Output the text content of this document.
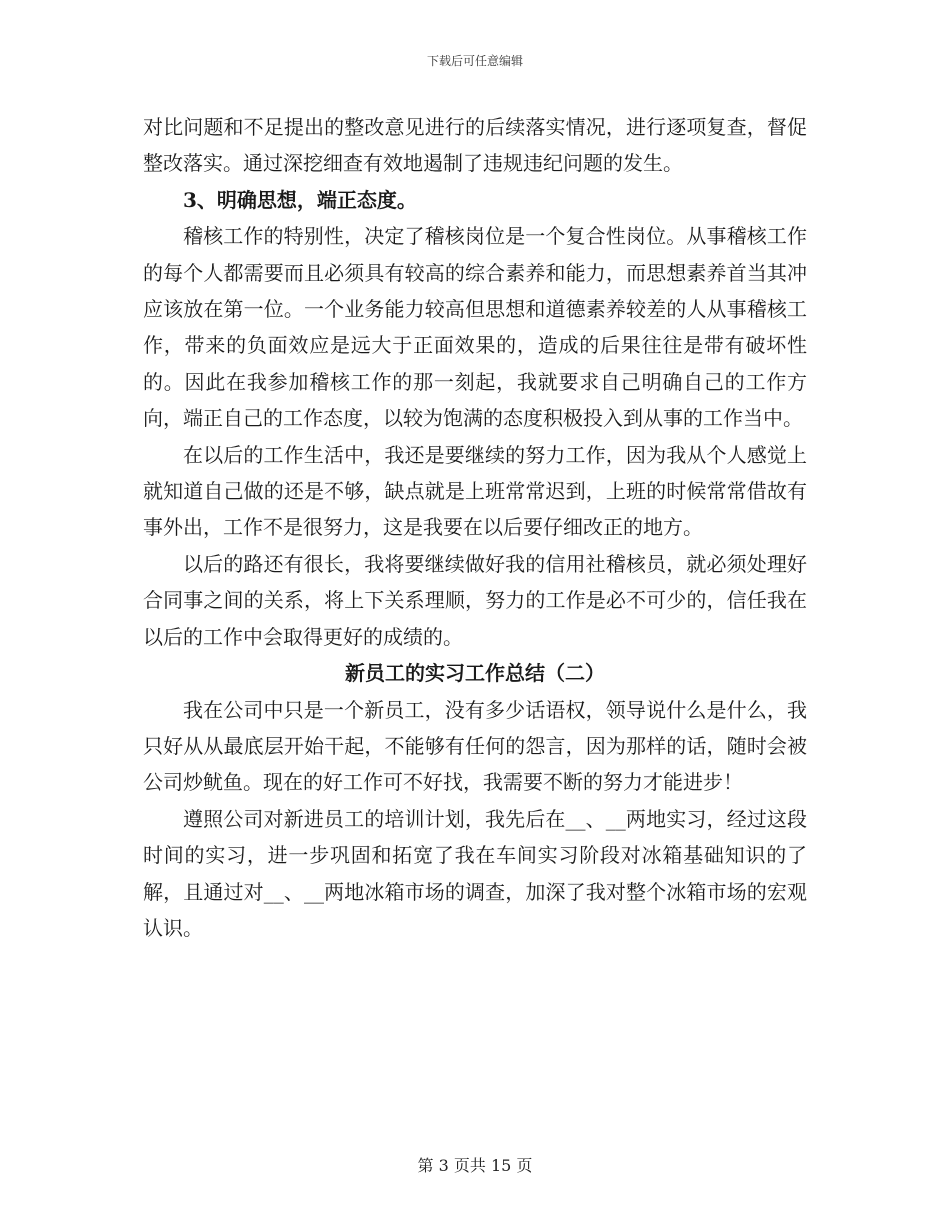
下载后可任意编辑

对比问题和不足提出的整改意见进行的后续落实情况，进行逐项复查，督促整改落实。通过深挖细查有效地遏制了违规违纪问题的发生。

3、明确思想，端正态度。

稽核工作的特别性，决定了稽核岗位是一个复合性岗位。从事稽核工作的每个人都需要而且必须具有较高的综合素养和能力，而思想素养首当其冲应该放在第一位。一个业务能力较高但思想和道德素养较差的人从事稽核工作，带来的负面效应是远大于正面效果的，造成的后果往往是带有破坏性的。因此在我参加稽核工作的那一刻起，我就要求自己明确自己的工作方向，端正自己的工作态度，以较为饱满的态度积极投入到从事的工作当中。

在以后的工作生活中，我还是要继续的努力工作，因为我从个人感觉上就知道自己做的还是不够，缺点就是上班常常迟到，上班的时候常常借故有事外出，工作不是很努力，这是我要在以后要仔细改正的地方。

以后的路还有很长，我将要继续做好我的信用社稽核员，就必须处理好合同事之间的关系，将上下关系理顺，努力的工作是必不可少的，信任我在以后的工作中会取得更好的成绩的。

新员工的实习工作总结（二）

我在公司中只是一个新员工，没有多少话语权，领导说什么是什么，我只好从从最底层开始干起，不能够有任何的怨言，因为那样的话，随时会被公司炒鱿鱼。现在的好工作可不好找，我需要不断的努力才能进步！

遵照公司对新进员工的培训计划，我先后在__、__两地实习，经过这段时间的实习，进一步巩固和拓宽了我在车间实习阶段对冰箱基础知识的了解，且通过对__、__两地冰箱市场的调查，加深了我对整个冰箱市场的宏观认识。

第 3 页共 15 页
